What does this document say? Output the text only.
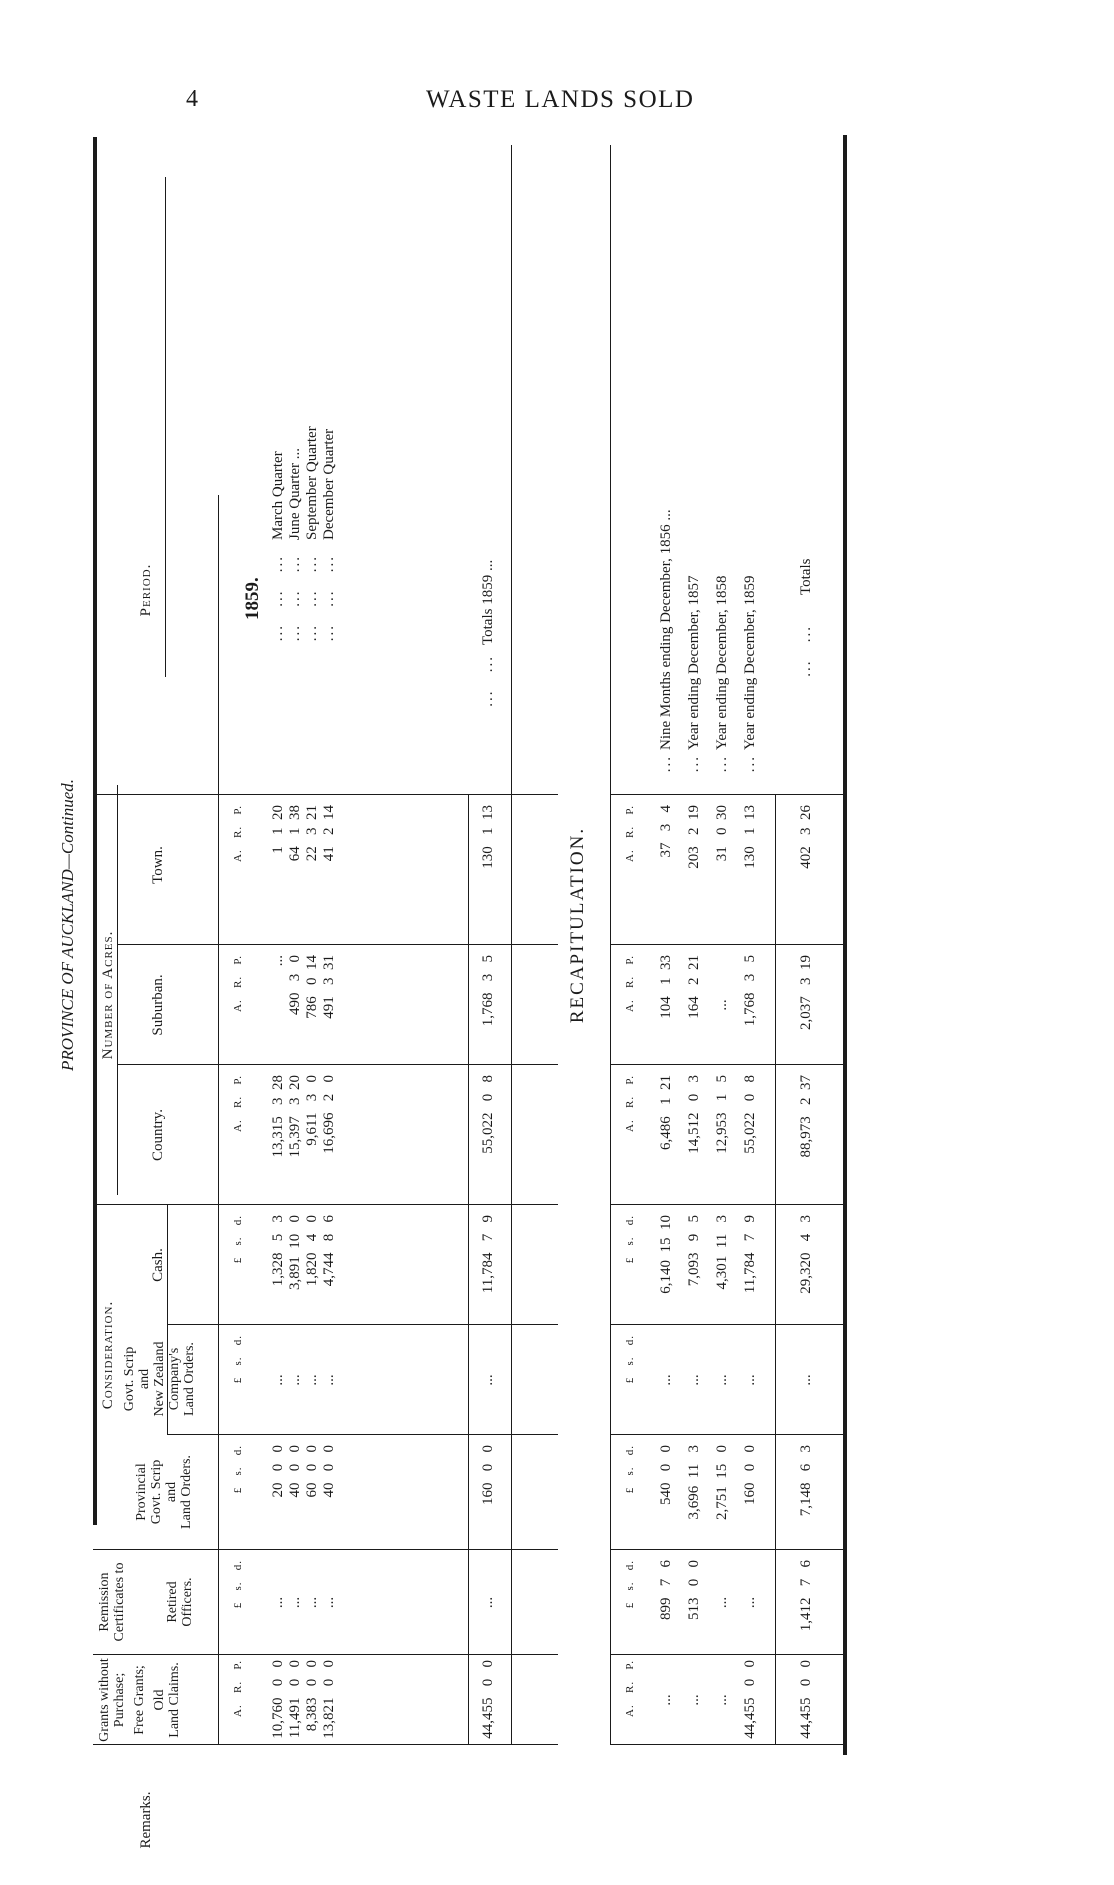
4	WASTE LANDS SOLD
PROVINCE OF AUCKLAND—Continued.
Period.
Number of Acres.
Consideration.
Town.
Suburban.
Country.
Cash.
Govt. Scrip
and
New Zealand
Company's
Land Orders.
Provincial
Govt. Scrip
and
Land Orders.
Remission
Certificates to
Retired
Officers.
Grants without
Purchase; Free Grants; Old
Land Claims.
Remarks.
A.   R.   P.
A.   R.   P.
A.   R.   P.
£   s.   d.
£   s.   d.
£   s.   d.
£   s.   d.
A.   R.   P.
1859.
March Quarter
...   ...   ...
1   1  20
...
13,315   3  28
1,328   5   3
...
20   0   0
...
10,760   0   0
June Quarter ...
...   ...   ...
64   1  38
490   3   0
15,397   3  20
3,891  10   0
...
40   0   0
...
11,491   0   0
September Quarter
...   ...   ...
22   3  21
786   0  14
9,611   3   0
1,820   4   0
...
60   0   0
...
8,383   0   0
December Quarter
...   ...   ...
41   2  14
491   3  31
16,696   2   0
4,744   8   6
...
40   0   0
...
13,821   0   0
Totals 1859 ...
...   ...
130   1  13
1,768   3   5
55,022   0   8
11,784   7   9
...
160   0   0
...
44,455   0   0
RECAPITULATION.	A.   R.   P.
A.   R.   P.
A.   R.   P.
£   s.   d.
£   s.   d.
£   s.   d.
£   s.   d.
A.   R.   P.
Nine Months ending December, 1856 ...
...
37   3   4
104   1  33
6,486   1  21
6,140  15  10
...
540   0   0
899   7   6
...
Year ending December, 1857
...
203   2  19
164   2  21
14,512   0   3
7,093   9   5
...
3,696  11   3
513   0   0
...
Year ending December, 1858
...
31   0  30
...
12,953   1   5
4,301  11   3
...
2,751  15   0
...
...
Year ending December, 1859
...
130   1  13
1,768   3   5
55,022   0   8
11,784   7   9
...
160   0   0
...
44,455   0   0
Totals
...   ...
402   3  26
2,037   3  19
88,973   2  37
29,320   4   3
...
7,148   6   3
1,412   7   6
44,455   0   0
